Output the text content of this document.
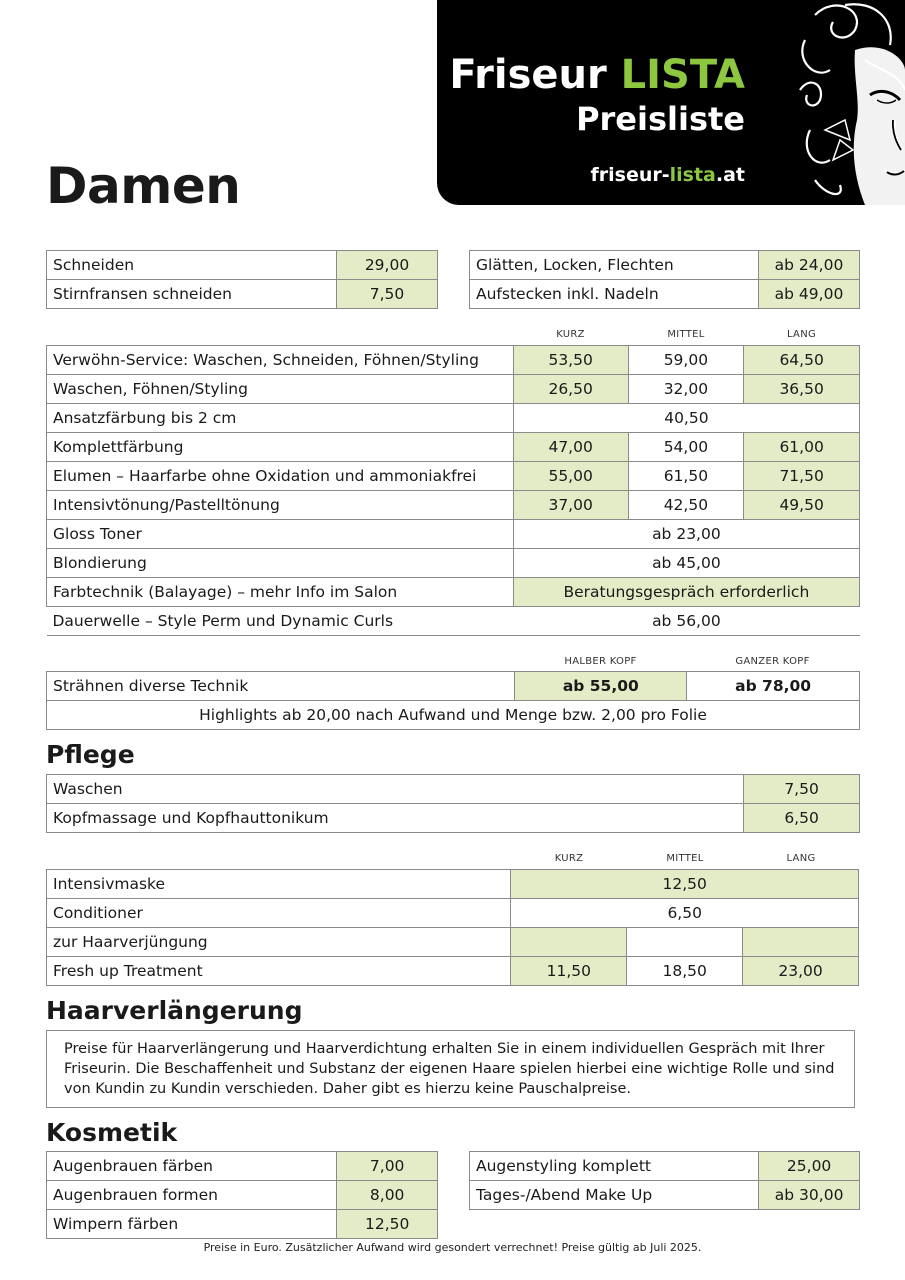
Friseur LISTA
Preisliste
friseur-lista.at
Damen
Schneiden	29,00
Stirnfransen schneiden	7,50
Glätten, Locken, Flechten	ab 24,00
Aufstecken inkl. Nadeln	ab 49,00
KURZ	MITTEL	LANG
Verwöhn-Service: Waschen, Schneiden, Föhnen/Styling	53,50	59,00	64,50
Waschen, Föhnen/Styling	26,50	32,00	36,50
Ansatzfärbung bis 2 cm	40,50		
Komplettfärbung	47,00	54,00	61,00
Elumen – Haarfarbe ohne Oxidation und ammoniakfrei	55,00	61,50	71,50
Intensivtönung/Pastelltönung	37,00	42,50	49,50
Gloss Toner	ab 23,00		
Blondierung	ab 45,00		
Farbtechnik (Balayage) – mehr Info im Salon	Beratungsgespräch erforderlich		
Dauerwelle – Style Perm und Dynamic Curls	ab 56,00		
HALBER KOPF	GANZER KOPF
Strähnen diverse Technik	ab 55,00	ab 78,00
Highlights ab 20,00 nach Aufwand und Menge bzw. 2,00 pro Folie
Pflege
Waschen	7,50
Kopfmassage und Kopfhauttonikum	6,50
KURZ	MITTEL	LANG
Intensivmaske	12,50		
Conditioner	6,50		
zur Haarverjüngung			
Fresh up Treatment	11,50	18,50	23,00
Haarverlängerung
Preise für Haarverlängerung und Haarverdichtung erhalten Sie in einem individuellen Gespräch mit Ihrer Friseurin. Die Beschaffenheit und Substanz der eigenen Haare spielen hierbei eine wichtige Rolle und sind von Kundin zu Kundin verschieden. Daher gibt es hierzu keine Pauschalpreise.
Kosmetik
Augenbrauen färben	7,00
Augenbrauen formen	8,00
Wimpern färben	12,50
Augenstyling komplett	25,00
Tages-/Abend Make Up	ab 30,00
Preise in Euro. Zusätzlicher Aufwand wird gesondert verrechnet! Preise gültig ab Juli 2025.
